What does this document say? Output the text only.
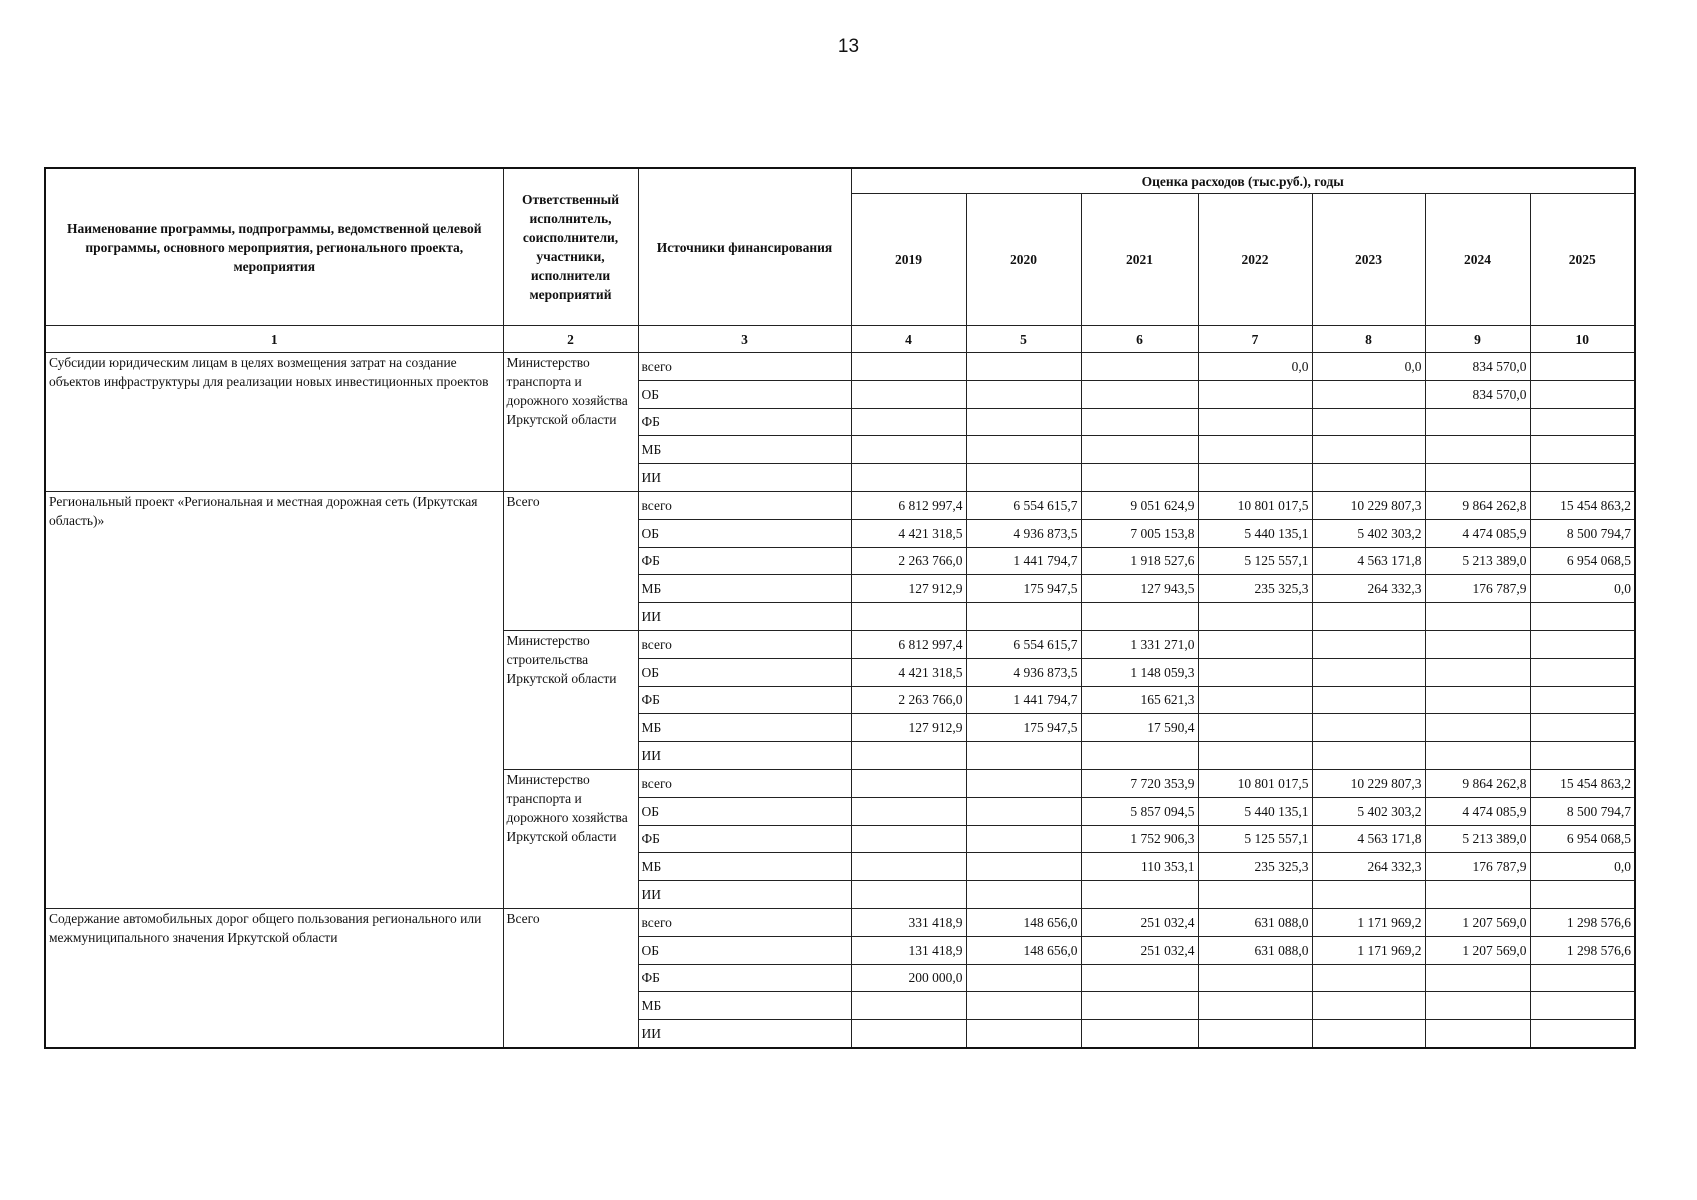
13
Наименование программы, подпрограммы, ведомственной целевой программы, основного мероприятия, регионального проекта, мероприятия	Ответственный исполнитель, соисполнители, участники, исполнители мероприятий	Источники финансирования	Оценка расходов (тыс.руб.), годы						
			2019	2020	2021	2022	2023	2024	2025
1	2	3	4	5	6	7	8	9	10
Субсидии юридическим лицам в целях возмещения затрат на создание объектов инфраструктуры для реализации новых инвестиционных проектов	Министерство транспорта и дорожного хозяйства Иркутской области	всего				0,0	0,0	834 570,0	
		ОБ						834 570,0	
		ФБ							
		МБ							
		ИИ							
Региональный проект «Региональная и местная дорожная сеть (Иркутская область)»	Всего	всего	6 812 997,4	6 554 615,7	9 051 624,9	10 801 017,5	10 229 807,3	9 864 262,8	15 454 863,2
		ОБ	4 421 318,5	4 936 873,5	7 005 153,8	5 440 135,1	5 402 303,2	4 474 085,9	8 500 794,7
		ФБ	2 263 766,0	1 441 794,7	1 918 527,6	5 125 557,1	4 563 171,8	5 213 389,0	6 954 068,5
		МБ	127 912,9	175 947,5	127 943,5	235 325,3	264 332,3	176 787,9	0,0
		ИИ							
	Министерство строительства Иркутской области	всего	6 812 997,4	6 554 615,7	1 331 271,0				
		ОБ	4 421 318,5	4 936 873,5	1 148 059,3				
		ФБ	2 263 766,0	1 441 794,7	165 621,3				
		МБ	127 912,9	175 947,5	17 590,4				
		ИИ							
	Министерство транспорта и дорожного хозяйства Иркутской области	всего			7 720 353,9	10 801 017,5	10 229 807,3	9 864 262,8	15 454 863,2
		ОБ			5 857 094,5	5 440 135,1	5 402 303,2	4 474 085,9	8 500 794,7
		ФБ			1 752 906,3	5 125 557,1	4 563 171,8	5 213 389,0	6 954 068,5
		МБ			110 353,1	235 325,3	264 332,3	176 787,9	0,0
		ИИ							
Содержание автомобильных дорог общего пользования регионального или межмуниципального значения Иркутской области	Всего	всего	331 418,9	148 656,0	251 032,4	631 088,0	1 171 969,2	1 207 569,0	1 298 576,6
		ОБ	131 418,9	148 656,0	251 032,4	631 088,0	1 171 969,2	1 207 569,0	1 298 576,6
		ФБ	200 000,0						
		МБ							
		ИИ							
